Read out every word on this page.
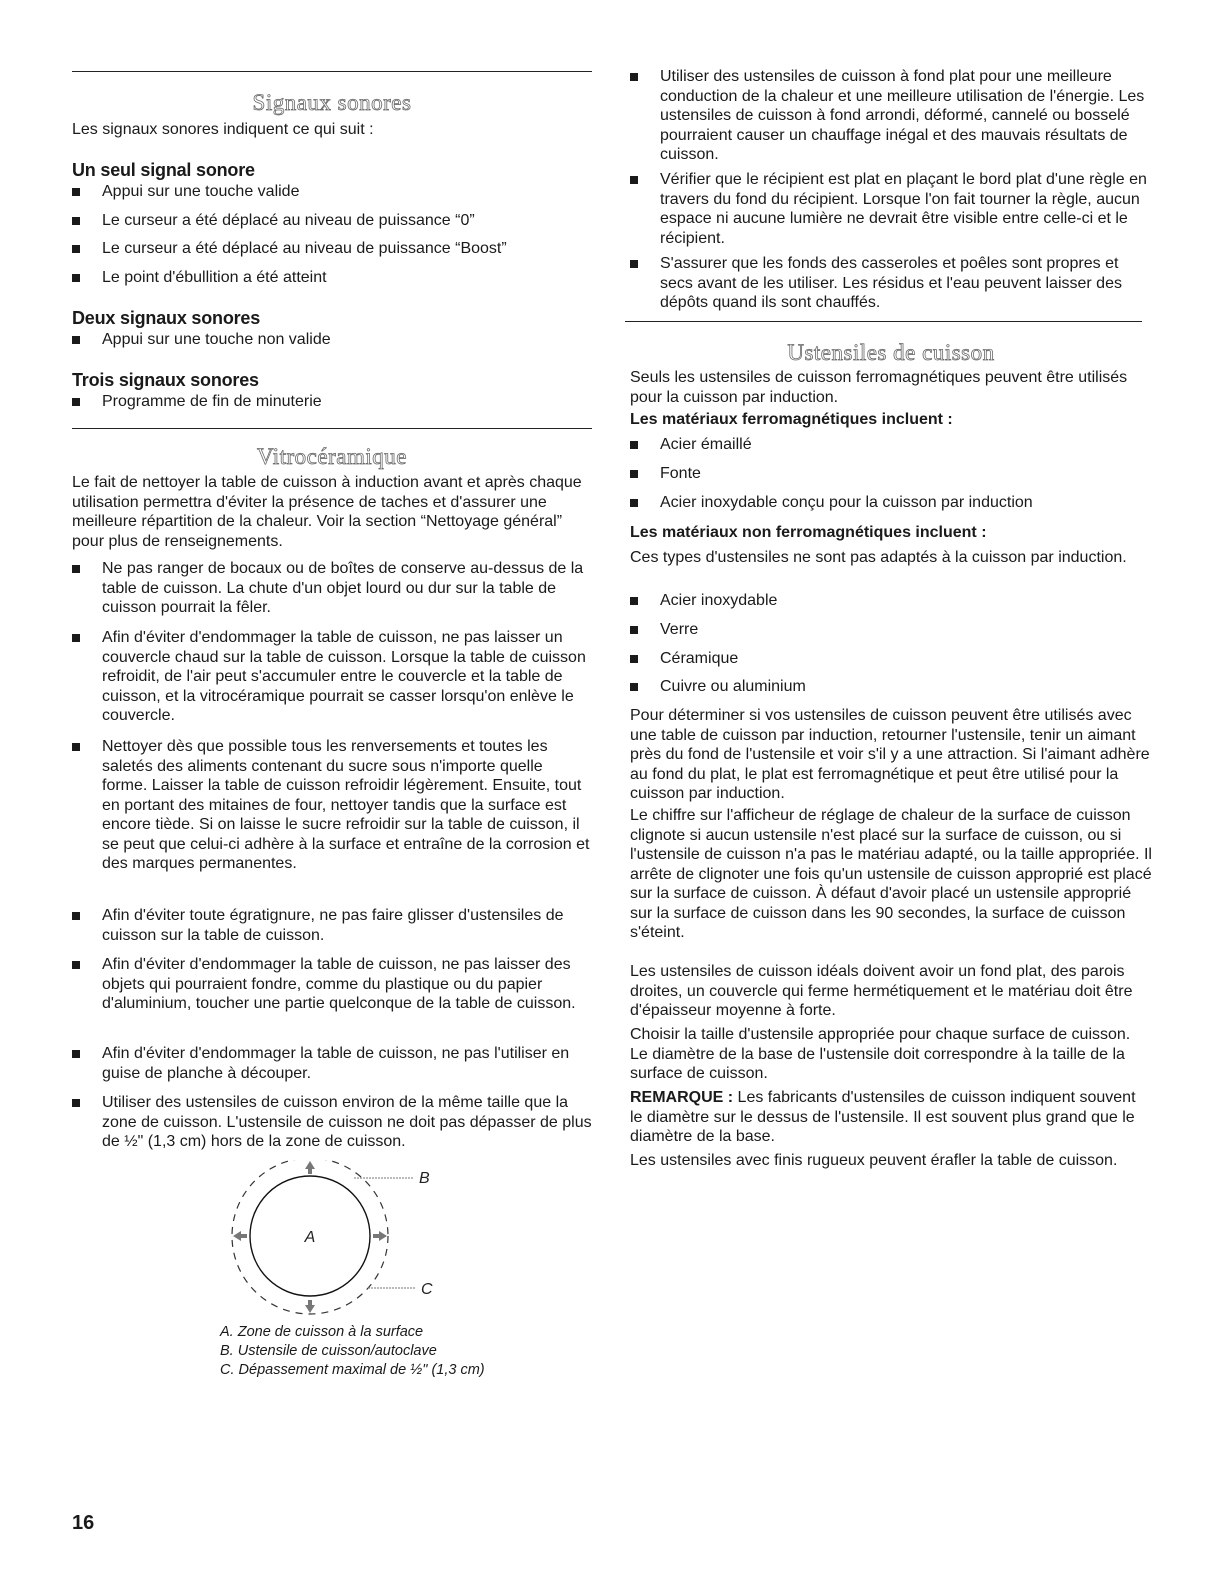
Signaux sonores

Les signaux sonores indiquent ce qui suit :

Un seul signal sonore

Appui sur une touche valide
Le curseur a été déplacé au niveau de puissance “0”
Le curseur a été déplacé au niveau de puissance “Boost”
Le point d'ébullition a été atteint

Deux signaux sonores

Appui sur une touche non valide

Trois signaux sonores

Programme de fin de minuterie
Vitrocéramique

Le fait de nettoyer la table de cuisson à induction avant et après chaque utilisation permettra d'éviter la présence de taches et d'assurer une meilleure répartition de la chaleur. Voir la section “Nettoyage général” pour plus de renseignements.

Ne pas ranger de bocaux ou de boîtes de conserve au-dessus de la table de cuisson. La chute d'un objet lourd ou dur sur la table de cuisson pourrait la fêler.
Afin d'éviter d'endommager la table de cuisson, ne pas laisser un couvercle chaud sur la table de cuisson. Lorsque la table de cuisson refroidit, de l'air peut s'accumuler entre le couvercle et la table de cuisson, et la vitrocéramique pourrait se casser lorsqu'on enlève le couvercle.
Nettoyer dès que possible tous les renversements et toutes les saletés des aliments contenant du sucre sous n'importe quelle forme. Laisser la table de cuisson refroidir légèrement. Ensuite, tout en portant des mitaines de four, nettoyer tandis que la surface est encore tiède. Si on laisse le sucre refroidir sur la table de cuisson, il se peut que celui-ci adhère à la surface et entraîne de la corrosion et des marques permanentes.
Afin d'éviter toute égratignure, ne pas faire glisser d'ustensiles de cuisson sur la table de cuisson.
Afin d'éviter d'endommager la table de cuisson, ne pas laisser des objets qui pourraient fondre, comme du plastique ou du papier d'aluminium, toucher une partie quelconque de la table de cuisson.
Afin d'éviter d'endommager la table de cuisson, ne pas l'utiliser en guise de planche à découper.
Utiliser des ustensiles de cuisson environ de la même taille que la zone de cuisson. L'ustensile de cuisson ne doit pas dépasser de plus de ½" (1,3 cm) hors de la zone de cuisson.
A
B
C
A. Zone de cuisson à la surface
B. Ustensile de cuisson/autoclave
C. Dépassement maximal de ½" (1,3 cm)
Utiliser des ustensiles de cuisson à fond plat pour une meilleure conduction de la chaleur et une meilleure utilisation de l'énergie. Les ustensiles de cuisson à fond arrondi, déformé, cannelé ou bosselé pourraient causer un chauffage inégal et des mauvais résultats de cuisson.
Vérifier que le récipient est plat en plaçant le bord plat d'une règle en travers du fond du récipient. Lorsque l'on fait tourner la règle, aucun espace ni aucune lumière ne devrait être visible entre celle-ci et le récipient.
S'assurer que les fonds des casseroles et poêles sont propres et secs avant de les utiliser. Les résidus et l'eau peuvent laisser des dépôts quand ils sont chauffés.
Ustensiles de cuisson

Seuls les ustensiles de cuisson ferromagnétiques peuvent être utilisés pour la cuisson par induction.

Les matériaux ferromagnétiques incluent :

Acier émaillé
Fonte
Acier inoxydable conçu pour la cuisson par induction

Les matériaux non ferromagnétiques incluent :

Ces types d'ustensiles ne sont pas adaptés à la cuisson par induction.

Acier inoxydable
Verre
Céramique
Cuivre ou aluminium

Pour déterminer si vos ustensiles de cuisson peuvent être utilisés avec une table de cuisson par induction, retourner l'ustensile, tenir un aimant près du fond de l'ustensile et voir s'il y a une attraction. Si l'aimant adhère au fond du plat, le plat est ferromagnétique et peut être utilisé pour la cuisson par induction.

Le chiffre sur l'afficheur de réglage de chaleur de la surface de cuisson clignote si aucun ustensile n'est placé sur la surface de cuisson, ou si l'ustensile de cuisson n'a pas le matériau adapté, ou la taille appropriée. Il arrête de clignoter une fois qu'un ustensile de cuisson approprié est placé sur la surface de cuisson. À défaut d'avoir placé un ustensile approprié sur la surface de cuisson dans les 90 secondes, la surface de cuisson s'éteint.

Les ustensiles de cuisson idéals doivent avoir un fond plat, des parois droites, un couvercle qui ferme hermétiquement et le matériau doit être d'épaisseur moyenne à forte.

Choisir la taille d'ustensile appropriée pour chaque surface de cuisson. Le diamètre de la base de l'ustensile doit correspondre à la taille de la surface de cuisson.

REMARQUE : Les fabricants d'ustensiles de cuisson indiquent souvent le diamètre sur le dessus de l'ustensile. Il est souvent plus grand que le diamètre de la base.

Les ustensiles avec finis rugueux peuvent érafler la table de cuisson.

16
